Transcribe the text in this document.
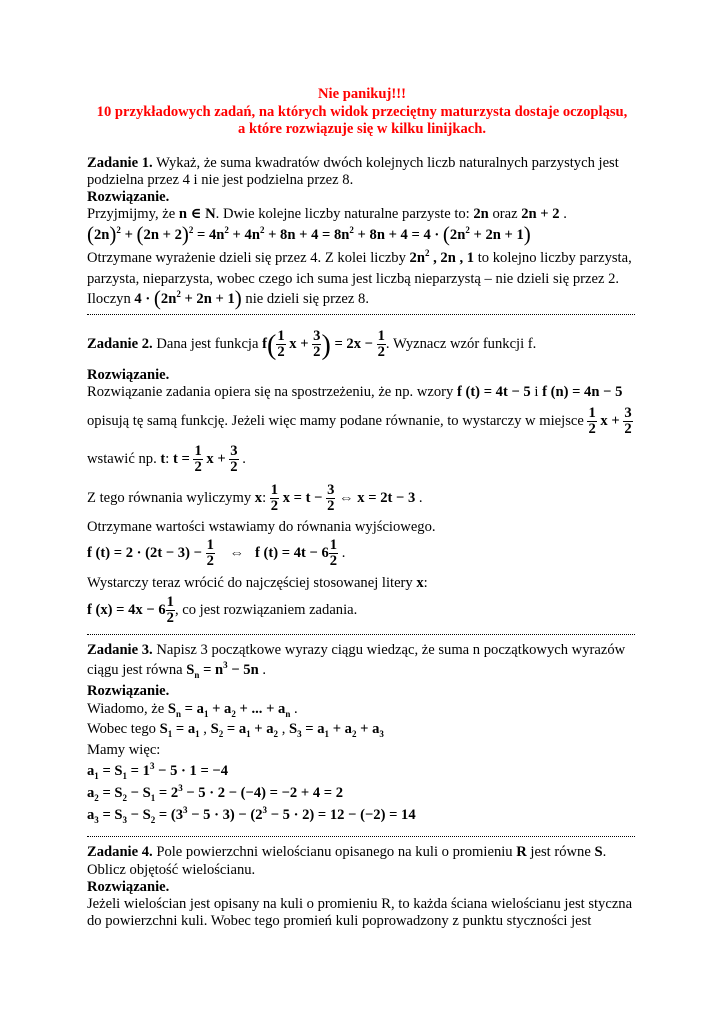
Nie panikuj!!!
10 przykładowych zadań, na których widok przeciętny maturzysta dostaje oczopląsu,
a które rozwiązuje się w kilku linijkach.
Zadanie 1. Wykaż, że suma kwadratów dwóch kolejnych liczb naturalnych parzystych jest
podzielna przez 4 i nie jest podzielna przez 8.
Rozwiązanie.
Przyjmijmy, że n ∈ N. Dwie kolejne liczby naturalne parzyste to: 2n oraz 2n + 2 .
$(2n)^2 + (2n + 2)^2 = 4n^2 + 4n^2 + 8n + 4 = 8n^2 + 8n + 4 = 4 \cdot (2n^2 + 2n + 1)$
Otrzymane wyrażenie dzieli się przez 4. Z kolei liczby $2n^2$ , 2n , 1 to kolejno liczby parzysta,
parzysta, nieparzysta, wobec czego ich suma jest liczbą nieparzystą – nie dzieli się przez 2.
Iloczyn $4 \cdot (2n^2 + 2n + 1)$ nie dzieli się przez 8.
Zadanie 2. Dana jest funkcja $f( \frac{1}{2}$ $x + \frac{3}{2}$ ) = $2x - \frac{1}{2}$ . Wyznacz wzór funkcji f.
Rozwiązanie.
Rozwiązanie zadania opiera się na spostrzeżeniu, że np. wzory f (t) = 4t − 5 i f (n) = 4n − 5
opisują tę samą funkcję. Jeżeli więc mamy podane równanie, to wystarczy w miejsce $\frac{1}{2}$ $x + \frac{3}{2}$
wstawić np. t: $t = \frac{1}{2}$ $x + \frac{3}{2}$ .
Z tego równania wyliczymy x: $\frac{1}{2}$ $x = t - \frac{3}{2}$ ⇔ x = 2t − 3 .
Otrzymane wartości wstawiamy do równania wyjściowego.
f $(t) = 2 \cdot (2t - 3) - \frac{1}{2}$ ⇔   f $(t) = 4t - 6 \frac{1}{2}$ .
Wystarczy teraz wrócić do najczęściej stosowanej litery x:
f $(x) = 4x - 6 \frac{1}{2}$ , co jest rozwiązaniem zadania.
Zadanie 3. Napisz 3 początkowe wyrazy ciągu wiedząc, że suma n początkowych wyrazów
ciągu jest równa $S_n = n^3 - 5n$ .
Rozwiązanie.
Wiadomo, że $S_n = a_1 + a_2$ + ... + $a_n$ .
Wobec tego $S_1 = a_1$ , $S_2 = a_1 + a_2$ , $S_3 = a_1 + a_2 + a_3$
Mamy więc:
$a_1 = S_1 = 1^3 - 5 \cdot 1 = -4$
$a_2 = S_2 - S_1 = 2^3 - 5 \cdot 2 - (-4) = -2 + 4 = 2$
$a_3 = S_3 - S_2 = (3^3 - 5 \cdot 3) - (2^3 - 5 \cdot 2) = 12 - (-2) = 14$
Zadanie 4. Pole powierzchni wielościanu opisanego na kuli o promieniu R jest równe S.
Oblicz objętość wielościanu.
Rozwiązanie.
Jeżeli wielościan jest opisany na kuli o promieniu R, to każda ściana wielościanu jest styczna
do powierzchni kuli. Wobec tego promień kuli poprowadzony z punktu styczności jest
